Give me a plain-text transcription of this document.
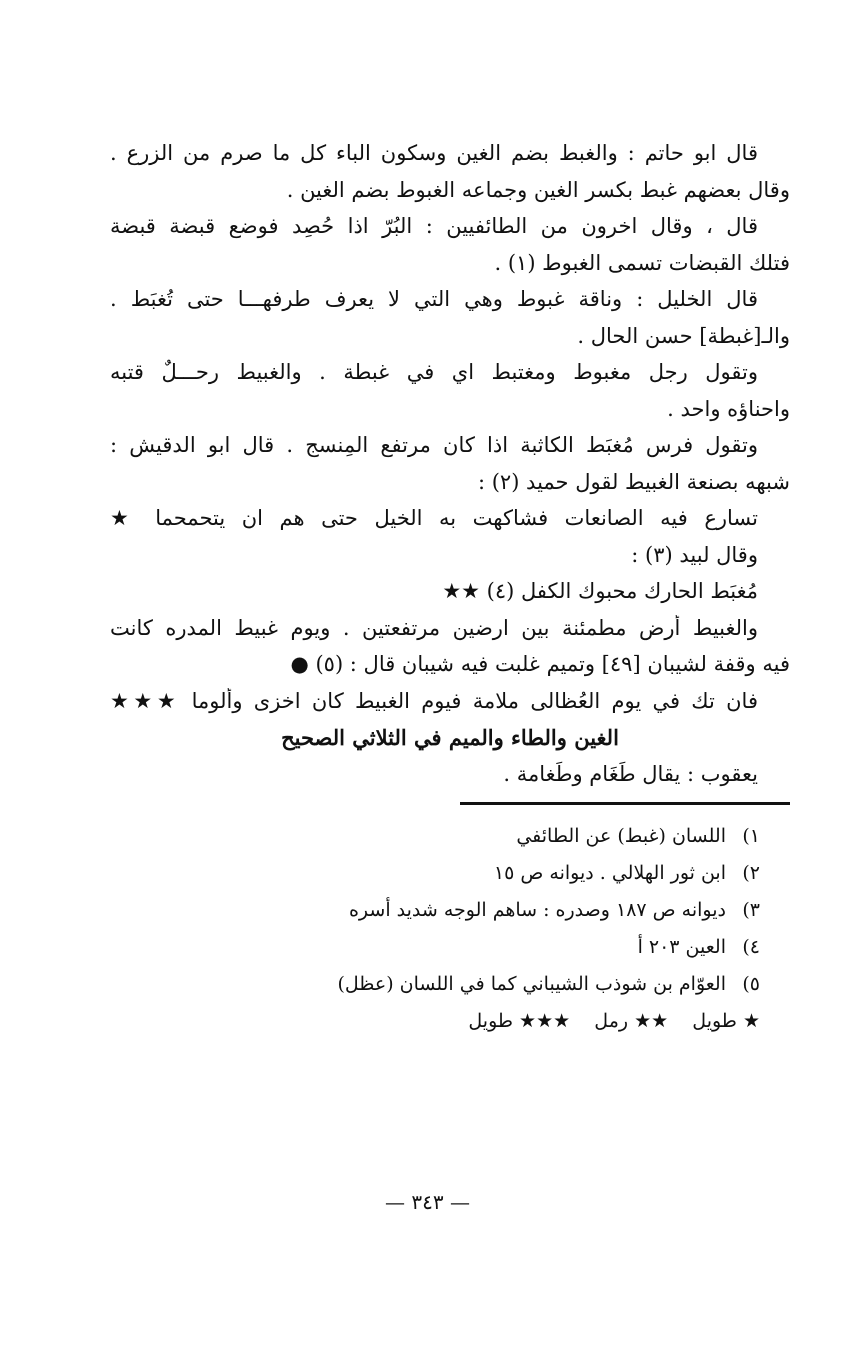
قال ابو حاتم : والغبط بضم الغين وسكون الباء كل ما صرم من الزرع .
وقال بعضهم غبط بكسر الغين وجماعه الغبوط بضم الغين .
قال ، وقال اخرون من الطائفيين : البُرّ اذا حُصِد فوضع قبضة قبضة
فتلك القبضات تسمى الغبوط (١) .
قال الخليل : وناقة غبوط وهي التي لا يعرف طرفهـــا حتى تُغبَط .
والـ[غبطة] حسن الحال .
وتقول رجل مغبوط ومغتبط اي في غبطة . والغبيط رحـــلٌ قتبه
واحناؤه واحد .
وتقول فرس مُغبَط الكاثبة اذا كان مرتفع المِنسج . قال ابو الدقيش :
شبهه بصنعة الغبيط لقول حميد (٢) :
تسارع فيه الصانعات فشاكهت به الخيل حتى هم ان يتحمحما ★
وقال لبيد (٣) :
مُغبَط الحارك محبوك الكفل (٤) ★★
والغبيط أرض مطمئنة بين ارضين مرتفعتين . ويوم غبيط المدره كانت
فيه وقفة لشيبان [٤٩] وتميم غلبت فيه شيبان قال : (٥) ●
فان تك في يوم العُظالى ملامة فيوم الغبيط كان اخزى وألوما ★★★
الغين والطاء والميم في الثلاثي الصحيح
يعقوب : يقال طَغَام وطَغامة .
١)اللسان (غبط) عن الطائفي
٢)ابن ثور الهلالي . ديوانه ص ١٥
٣)ديوانه ص ١٨٧ وصدره : ساهم الوجه شديد أسره
٤)العين ٢٠٣ أ
٥)العوّام بن شوذب الشيباني كما في اللسان (عظل)
★ طويل    ★★ رمل    ★★★ طويل
— ٣٤٣ —
